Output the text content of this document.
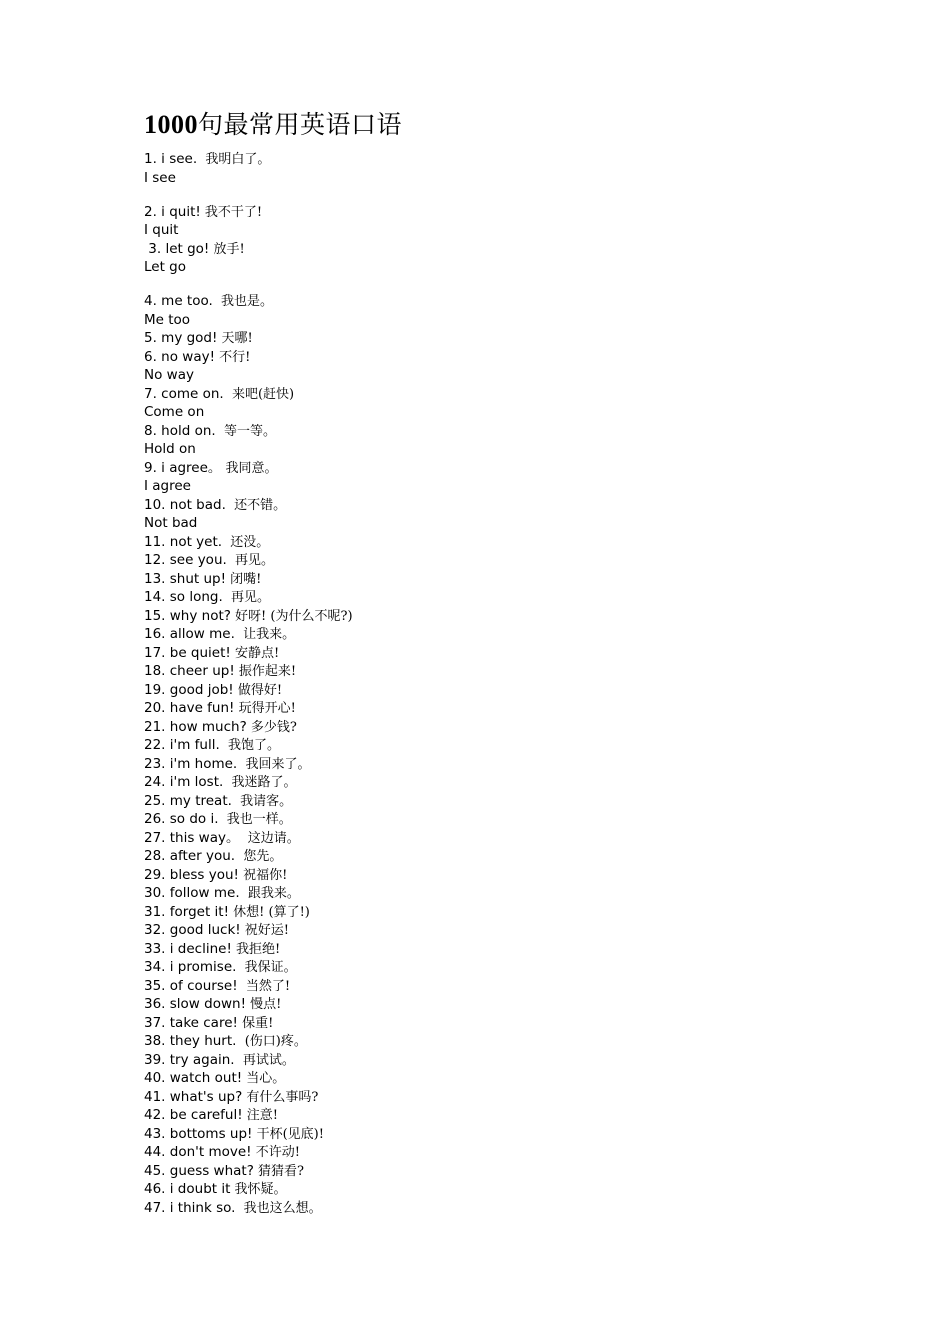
1000句最常用英语口语
1. i see.  我明白了。
I see
2. i quit! 我不干了!
I quit
3. let go! 放手!
Let go
4. me too.  我也是。
Me too
5. my god! 天哪!
6. no way! 不行!
No way
7. come on.  来吧(赶快)
Come on
8. hold on.  等一等。
Hold on
9. i agree。 我同意。
I agree
10. not bad.  还不错。
Not bad
11. not yet.  还没。
12. see you.  再见。
13. shut up! 闭嘴!
14. so long.  再见。
15. why not? 好呀! (为什么不呢?)
16. allow me.  让我来。
17. be quiet! 安静点!
18. cheer up! 振作起来!
19. good job! 做得好!
20. have fun! 玩得开心!
21. how much? 多少钱?
22. i'm full.  我饱了。
23. i'm home.  我回来了。
24. i'm lost.  我迷路了。
25. my treat.  我请客。
26. so do i.  我也一样。
27. this way。  这边请。
28. after you.  您先。
29. bless you! 祝福你!
30. follow me.  跟我来。
31. forget it! 休想! (算了!)
32. good luck! 祝好运!
33. i decline! 我拒绝!
34. i promise.  我保证。
35. of course!  当然了!
36. slow down! 慢点!
37. take care! 保重!
38. they hurt.  (伤口)疼。
39. try again.  再试试。
40. watch out! 当心。
41. what's up? 有什么事吗?
42. be careful! 注意!
43. bottoms up! 干杯(见底)!
44. don't move! 不许动!
45. guess what? 猜猜看?
46. i doubt it 我怀疑。
47. i think so.  我也这么想。
